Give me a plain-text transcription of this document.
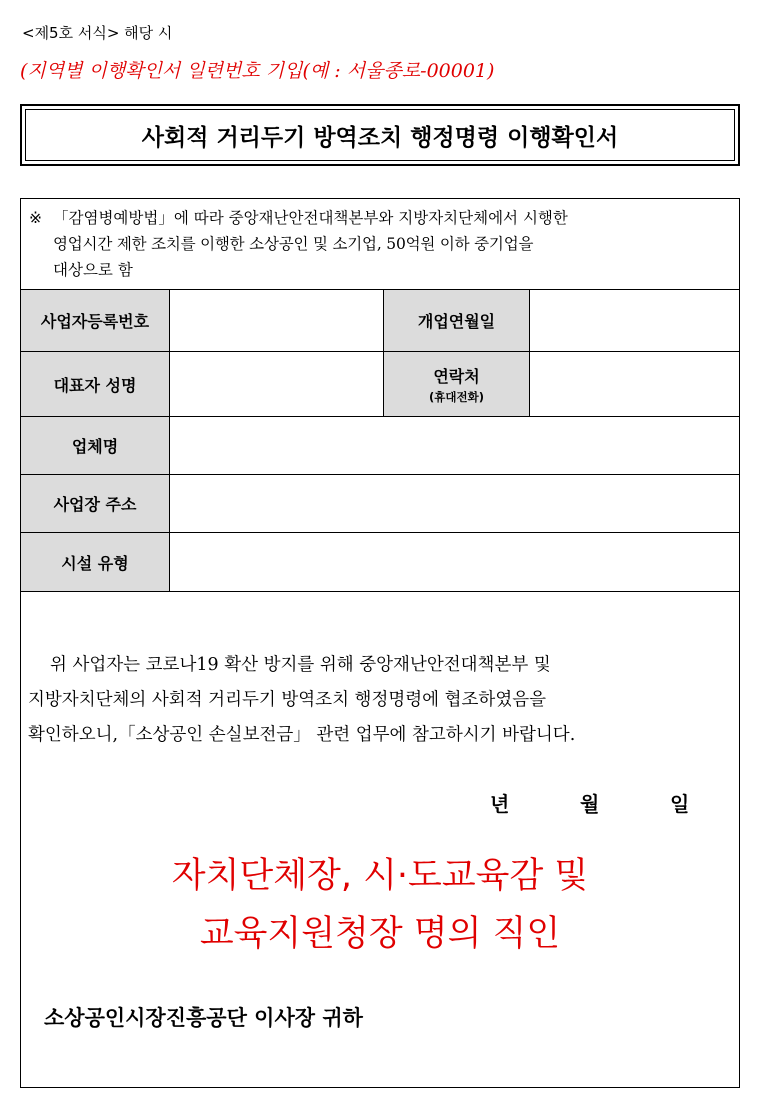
<제5호 서식> 해당 시
(지역별 이행확인서 일련번호 기입(예 : 서울종로-00001)
사회적 거리두기 방역조치 행정명령 이행확인서
※ 「감염병예방법」에 따라 중앙재난안전대책본부와 지방자치단체에서 시행한
영업시간 제한 조치를 이행한 소상공인 및 소기업, 50억원 이하 중기업을
대상으로 함
사업자등록번호	개업연월일
대표자 성명	연락처
(휴대전화)
업체명
사업장 주소
시설 유형
위 사업자는 코로나19 확산 방지를 위해 중앙재난안전대책본부 및
지방자치단체의 사회적 거리두기 방역조치 행정명령에 협조하였음을
확인하오니,「소상공인 손실보전금」 관련 업무에 참고하시기 바랍니다.
년	월	일
자치단체장, 시·도교육감 및
교육지원청장 명의 직인
소상공인시장진흥공단 이사장 귀하
